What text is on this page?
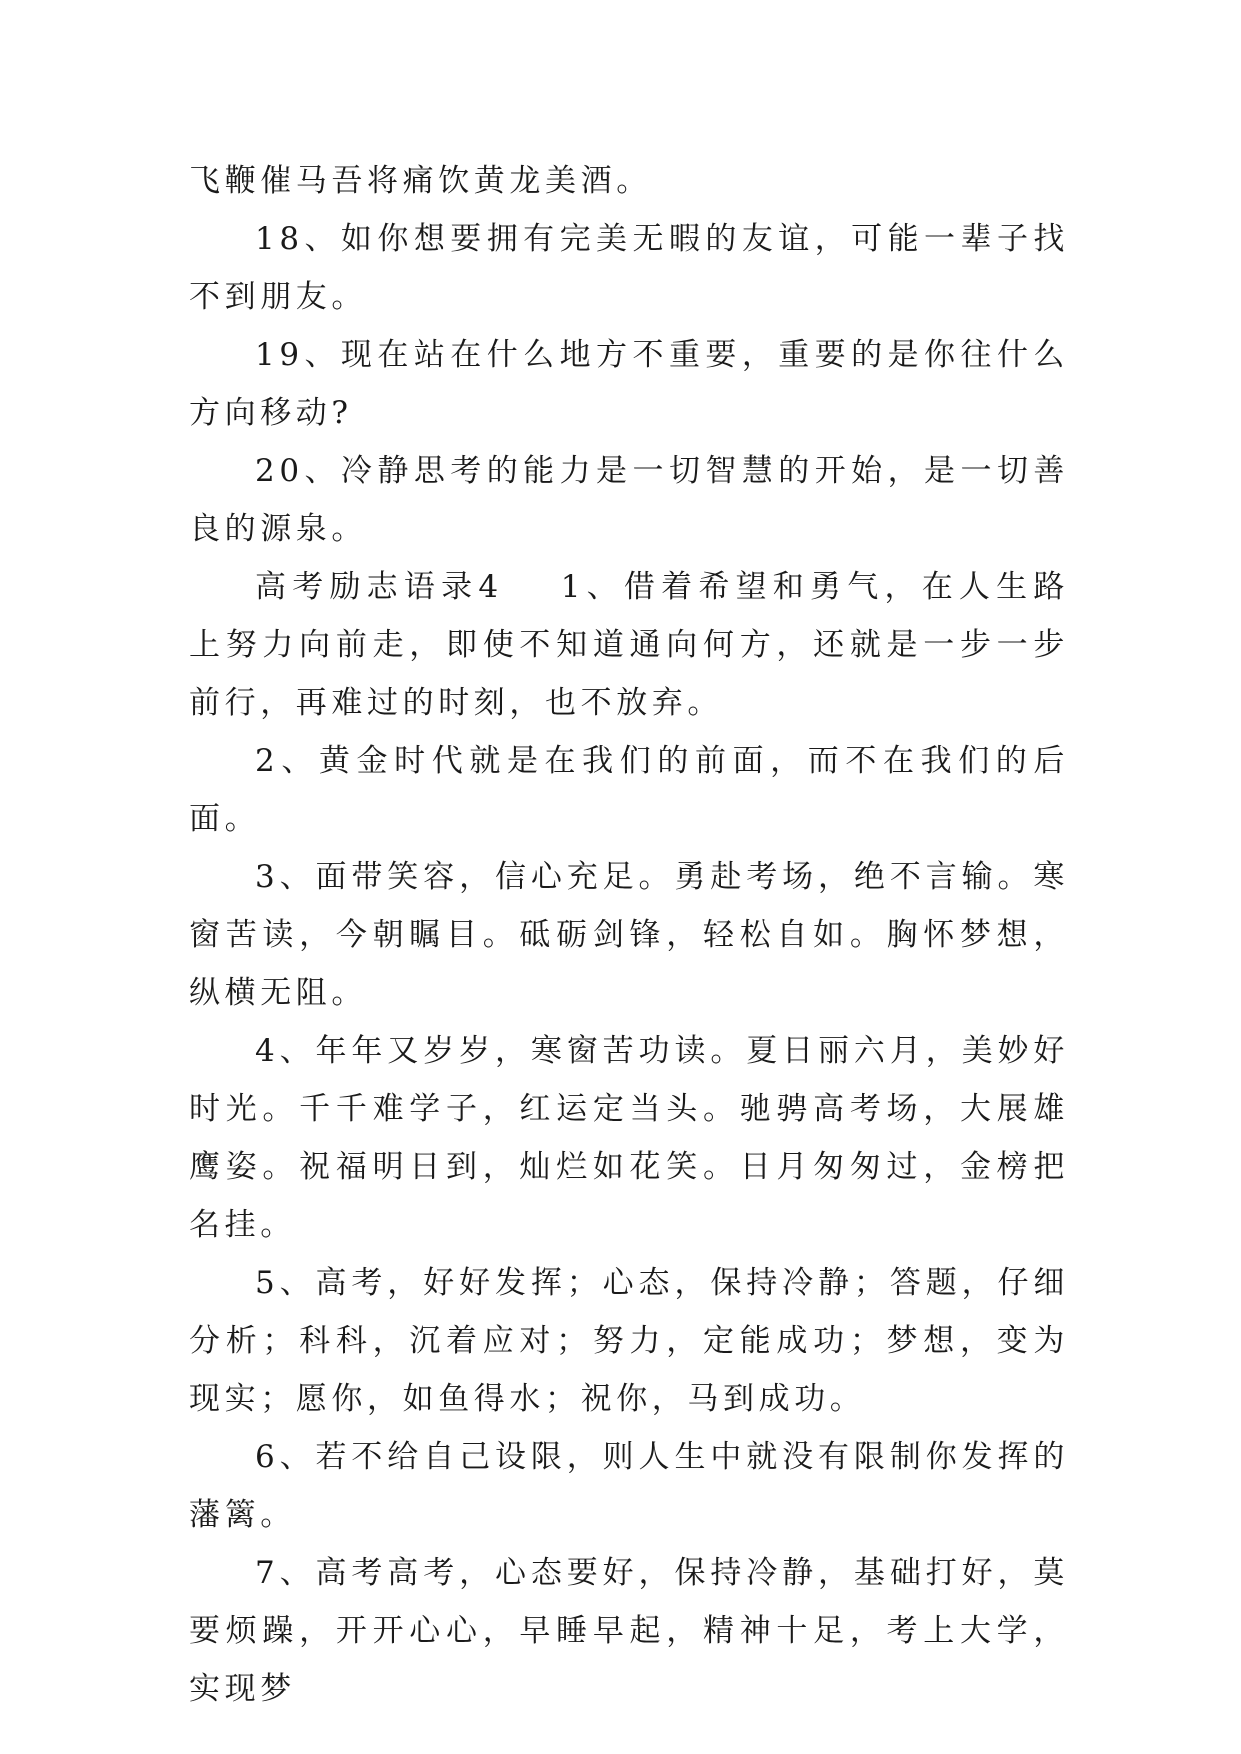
飞鞭催马吾将痛饮黄龙美酒。

18、如你想要拥有完美无暇的友谊，可能一辈子找不到朋友。

19、现在站在什么地方不重要，重要的是你往什么方向移动?

20、冷静思考的能力是一切智慧的开始，是一切善良的源泉。

高考励志语录4 1、借着希望和勇气，在人生路上努力向前走，即使不知道通向何方，还就是一步一步前行，再难过的时刻，也不放弃。

2、黄金时代就是在我们的前面，而不在我们的后面。

3、面带笑容，信心充足。勇赴考场，绝不言输。寒窗苦读，今朝瞩目。砥砺剑锋，轻松自如。胸怀梦想，纵横无阻。

4、年年又岁岁，寒窗苦功读。夏日丽六月，美妙好时光。千千难学子，红运定当头。驰骋高考场，大展雄鹰姿。祝福明日到，灿烂如花笑。日月匆匆过，金榜把名挂。

5、高考，好好发挥；心态，保持冷静；答题，仔细分析；科科，沉着应对；努力，定能成功；梦想，变为现实；愿你，如鱼得水；祝你，马到成功。

6、若不给自己设限，则人生中就没有限制你发挥的藩篱。

7、高考高考，心态要好，保持冷静，基础打好，莫要烦躁，开开心心，早睡早起，精神十足，考上大学，实现梦
